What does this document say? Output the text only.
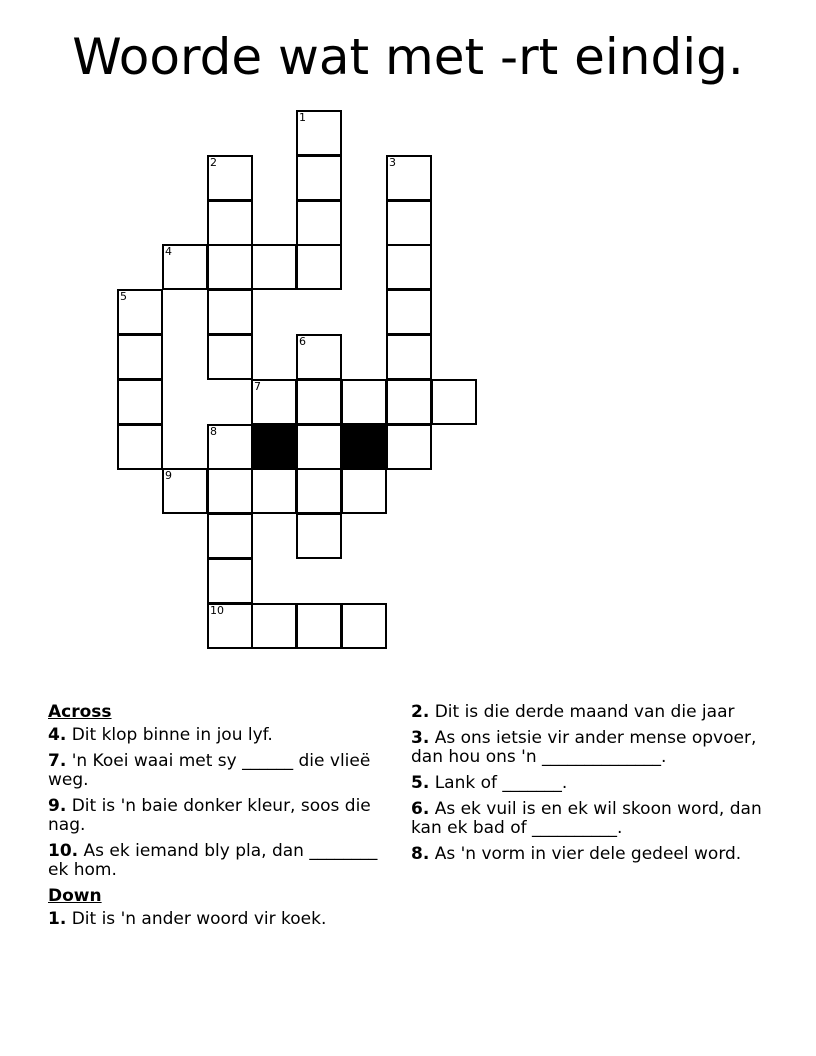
Woorde wat met -rt eindig.
1
2	3
4
5
6
7
8
9
10
Across
4. Dit klop binne in jou lyf.
7. 'n Koei waai met sy ______ die vlieë weg.
9. Dit is 'n baie donker kleur, soos die nag.
10. As ek iemand bly pla, dan ________ ek hom.
Down
1. Dit is 'n ander woord vir koek.
2. Dit is die derde maand van die jaar
3. As ons ietsie vir ander mense opvoer, dan hou ons 'n ______________.
5. Lank of _______.
6. As ek vuil is en ek wil skoon word, dan kan ek bad of __________.
8. As 'n vorm in vier dele gedeel word.
